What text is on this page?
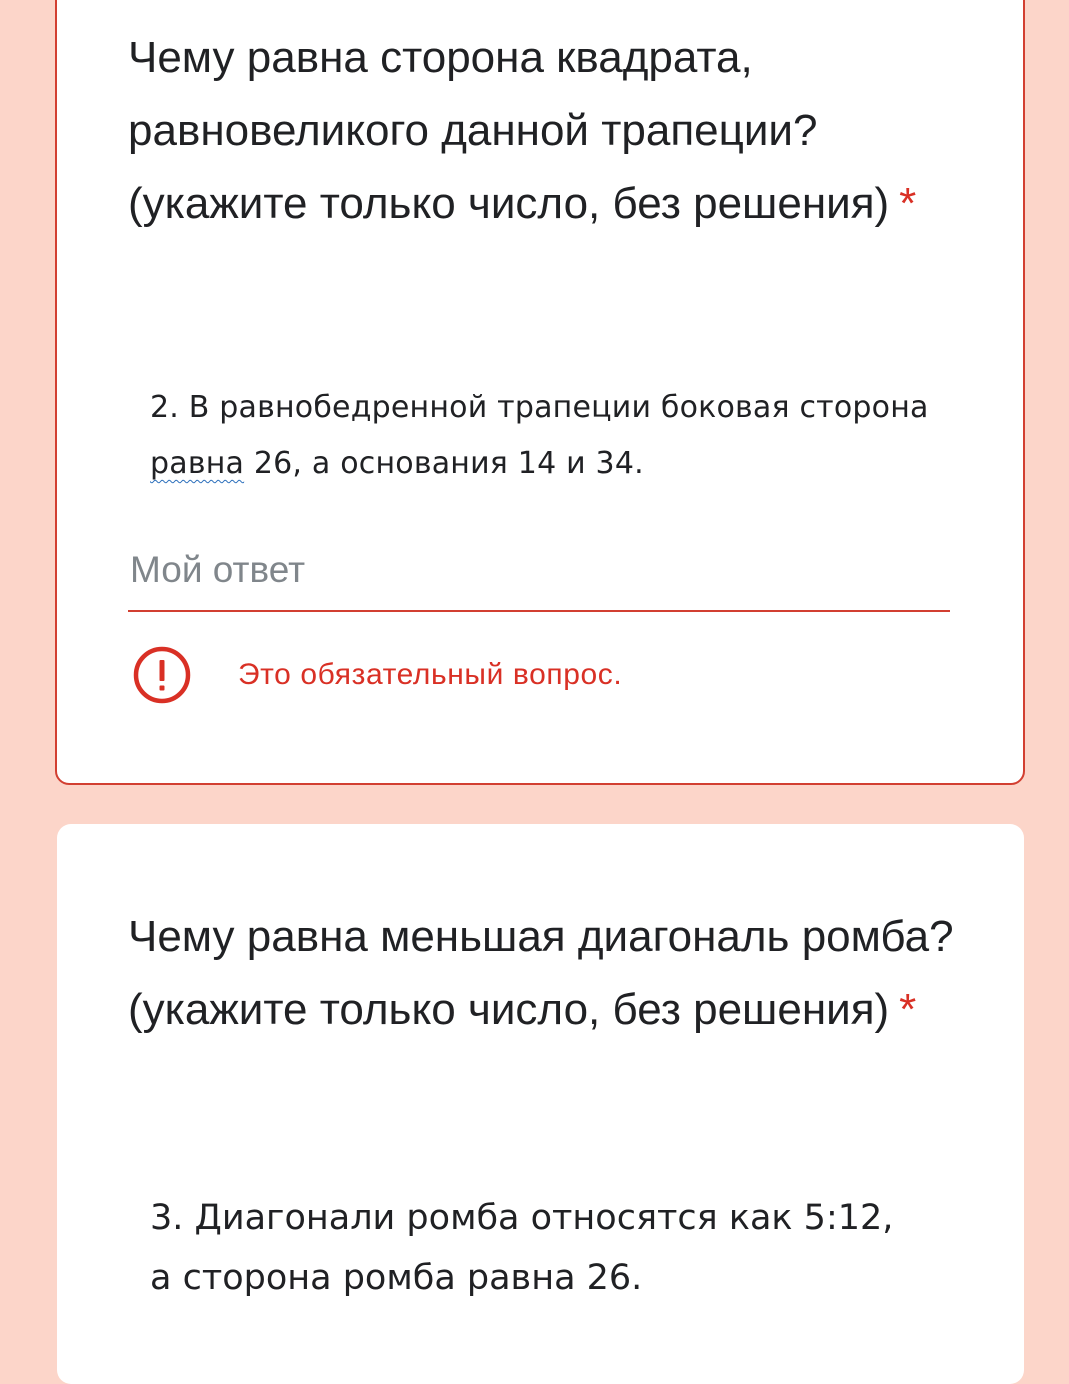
Чему равна сторона квадрата, равновеликого данной трапеции? (укажите только число, без решения) *

2. В равнобедренной трапеции боковая сторона
равна 26, а основания 14 и 34.
Мой ответ

Это обязательный вопрос.

Чему равна меньшая диагональ ромба? (укажите только число, без решения) *

3. Диагонали ромба относятся как 5:12,
а сторона ромба равна 26.
